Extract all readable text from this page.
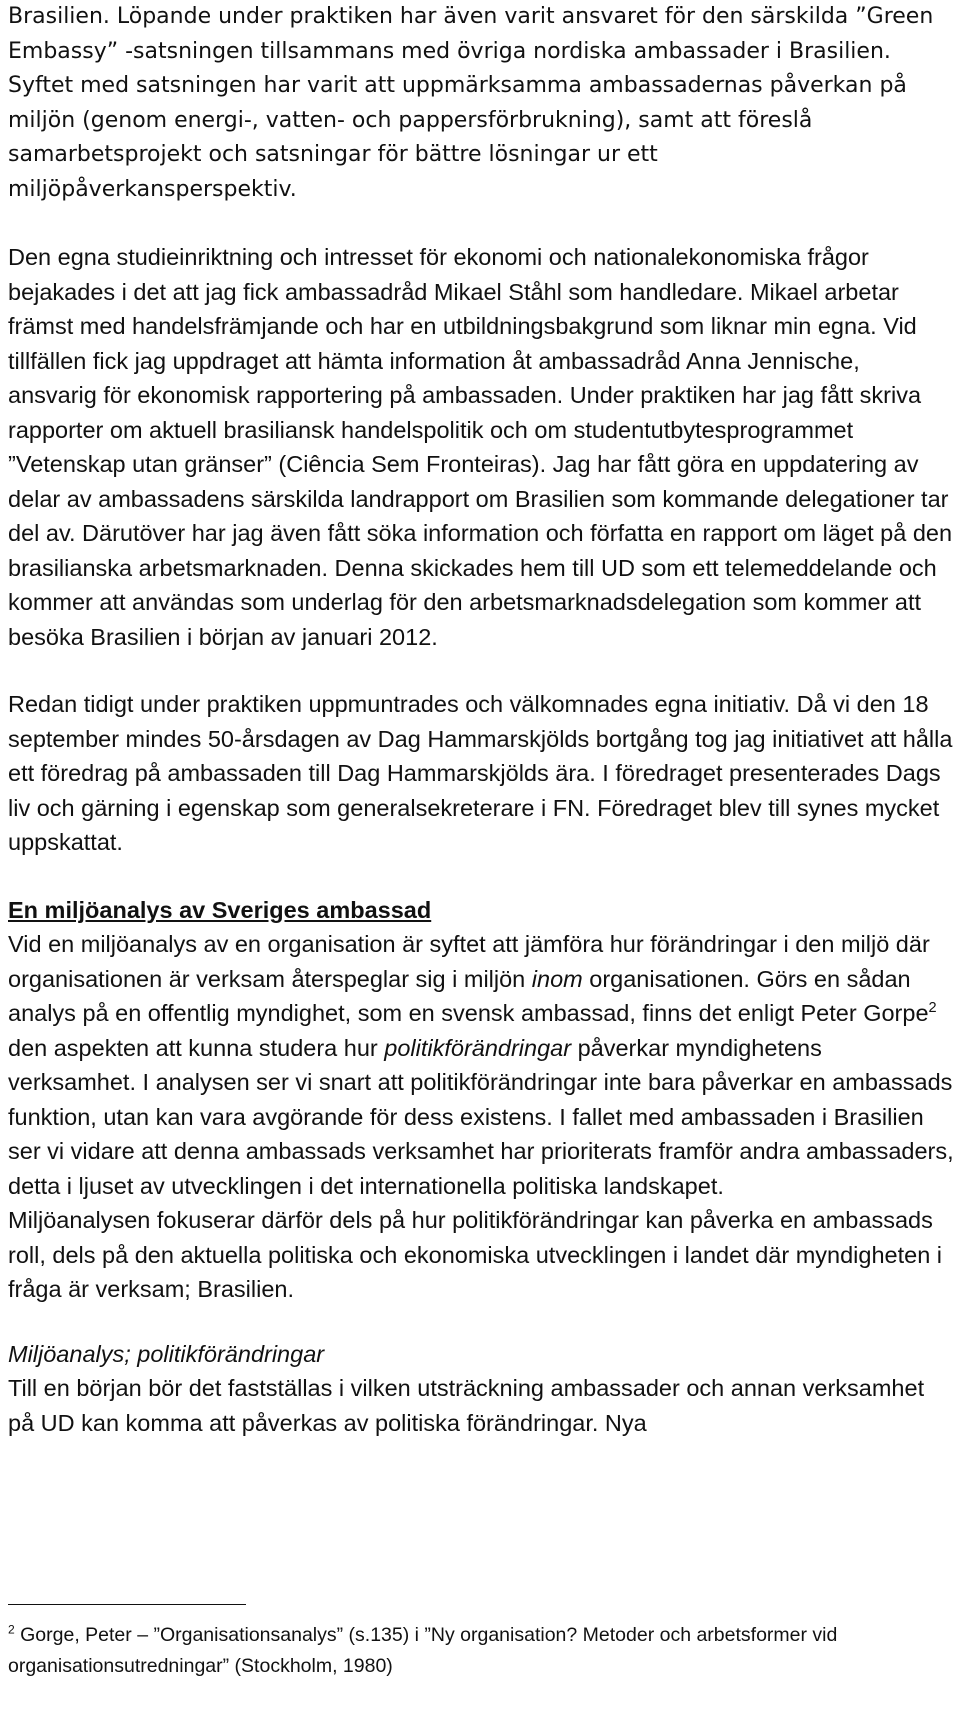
Brasilien. Löpande under praktiken har även varit ansvaret för den särskilda ”Green Embassy” -satsningen tillsammans med övriga nordiska ambassader i Brasilien. Syftet med satsningen har varit att uppmärksamma ambassadernas påverkan på miljön (genom energi-, vatten- och pappersförbrukning), samt att föreslå samarbetsprojekt och satsningar för bättre lösningar ur ett miljöpåverkansperspektiv.

Den egna studieinriktning och intresset för ekonomi och nationalekonomiska frågor bejakades i det att jag fick ambassadråd Mikael Ståhl som handledare. Mikael arbetar främst med handelsfrämjande och har en utbildningsbakgrund som liknar min egna. Vid tillfällen fick jag uppdraget att hämta information åt ambassadråd Anna Jennische, ansvarig för ekonomisk rapportering på ambassaden. Under praktiken har jag fått skriva rapporter om aktuell brasiliansk handelspolitik och om studentutbytesprogrammet ”Vetenskap utan gränser” (Ciência Sem Fronteiras). Jag har fått göra en uppdatering av delar av ambassadens särskilda landrapport om Brasilien som kommande delegationer tar del av. Därutöver har jag även fått söka information och författa en rapport om läget på den brasilianska arbetsmarknaden. Denna skickades hem till UD som ett telemeddelande och kommer att användas som underlag för den arbetsmarknadsdelegation som kommer att besöka Brasilien i början av januari 2012.

Redan tidigt under praktiken uppmuntrades och välkomnades egna initiativ. Då vi den 18 september mindes 50-årsdagen av Dag Hammarskjölds bortgång tog jag initiativet att hålla ett föredrag på ambassaden till Dag Hammarskjölds ära. I föredraget presenterades Dags liv och gärning i egenskap som generalsekreterare i FN. Föredraget blev till synes mycket uppskattat.

En miljöanalys av Sveriges ambassad

Vid en miljöanalys av en organisation är syftet att jämföra hur förändringar i den miljö där organisationen är verksam återspeglar sig i miljön inom organisationen. Görs en sådan analys på en offentlig myndighet, som en svensk ambassad, finns det enligt Peter Gorpe$^2$ den aspekten att kunna studera hur politikförändringar påverkar myndighetens verksamhet. I analysen ser vi snart att politikförändringar inte bara påverkar en ambassads funktion, utan kan vara avgörande för dess existens. I fallet med ambassaden i Brasilien ser vi vidare att denna ambassads verksamhet har prioriterats framför andra ambassaders, detta i ljuset av utvecklingen i det internationella politiska landskapet.

Miljöanalysen fokuserar därför dels på hur politikförändringar kan påverka en ambassads roll, dels på den aktuella politiska och ekonomiska utvecklingen i landet där myndigheten i fråga är verksam; Brasilien.

Miljöanalys; politikförändringar

Till en början bör det fastställas i vilken utsträckning ambassader och annan verksamhet på UD kan komma att påverkas av politiska förändringar. Nya

$^2$ Gorge, Peter – ”Organisationsanalys” (s.135) i ”Ny organisation? Metoder och arbetsformer vid organisationsutredningar” (Stockholm, 1980)
